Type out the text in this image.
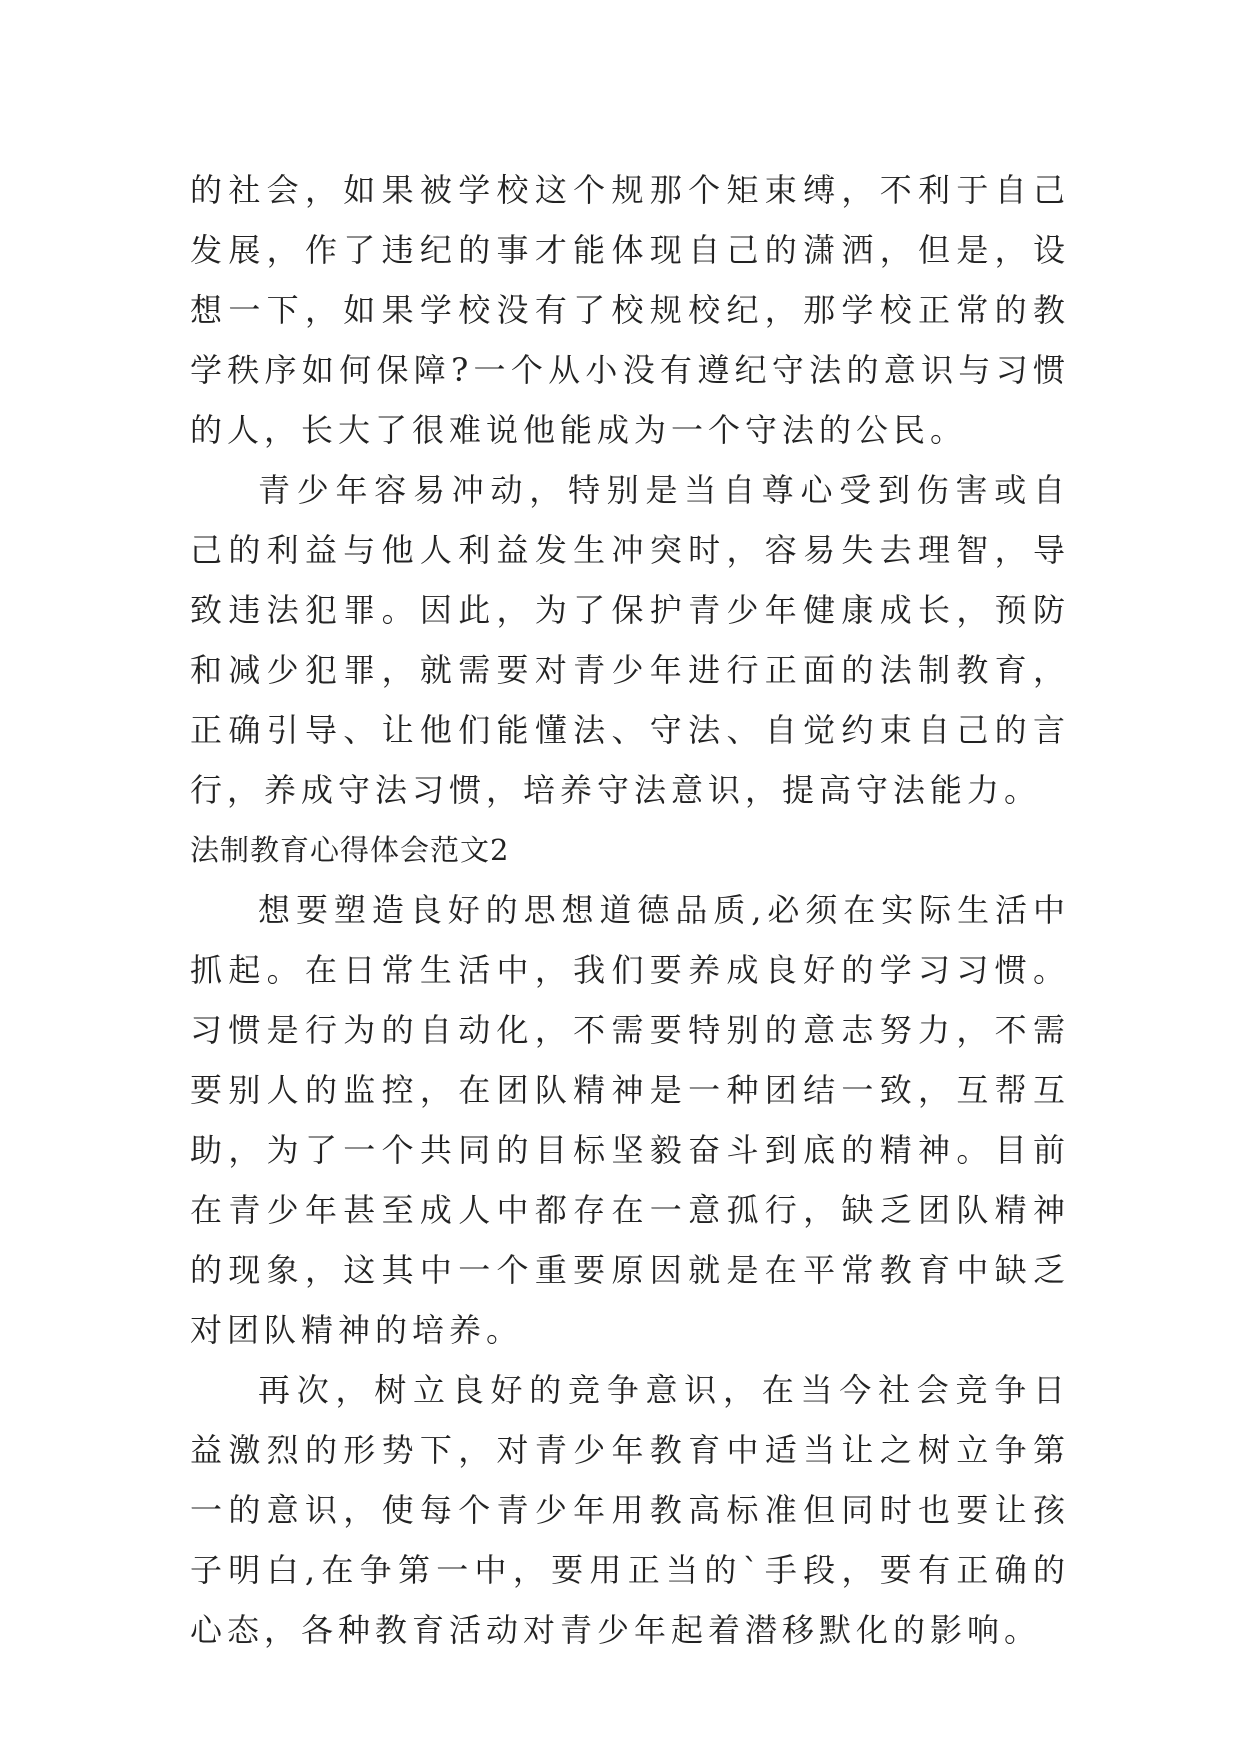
的社会，如果被学校这个规那个矩束缚，不利于自己发展，作了违纪的事才能体现自己的潇洒，但是，设想一下，如果学校没有了校规校纪，那学校正常的教学秩序如何保障?一个从小没有遵纪守法的意识与习惯的人，长大了很难说他能成为一个守法的公民。

青少年容易冲动，特别是当自尊心受到伤害或自己的利益与他人利益发生冲突时，容易失去理智，导致违法犯罪。因此，为了保护青少年健康成长，预防和减少犯罪，就需要对青少年进行正面的法制教育，正确引导、让他们能懂法、守法、自觉约束自己的言行，养成守法习惯，培养守法意识，提高守法能力。

法制教育心得体会范文2

想要塑造良好的思想道德品质,必须在实际生活中抓起。在日常生活中，我们要养成良好的学习习惯。习惯是行为的自动化，不需要特别的意志努力，不需要别人的监控，在团队精神是一种团结一致，互帮互助，为了一个共同的目标坚毅奋斗到底的精神。目前在青少年甚至成人中都存在一意孤行，缺乏团队精神的现象，这其中一个重要原因就是在平常教育中缺乏对团队精神的培养。

再次，树立良好的竞争意识，在当今社会竞争日益激烈的形势下，对青少年教育中适当让之树立争第一的意识，使每个青少年用教高标准但同时也要让孩子明白,在争第一中，要用正当的`手段，要有正确的心态，各种教育活动对青少年起着潜移默化的影响。
